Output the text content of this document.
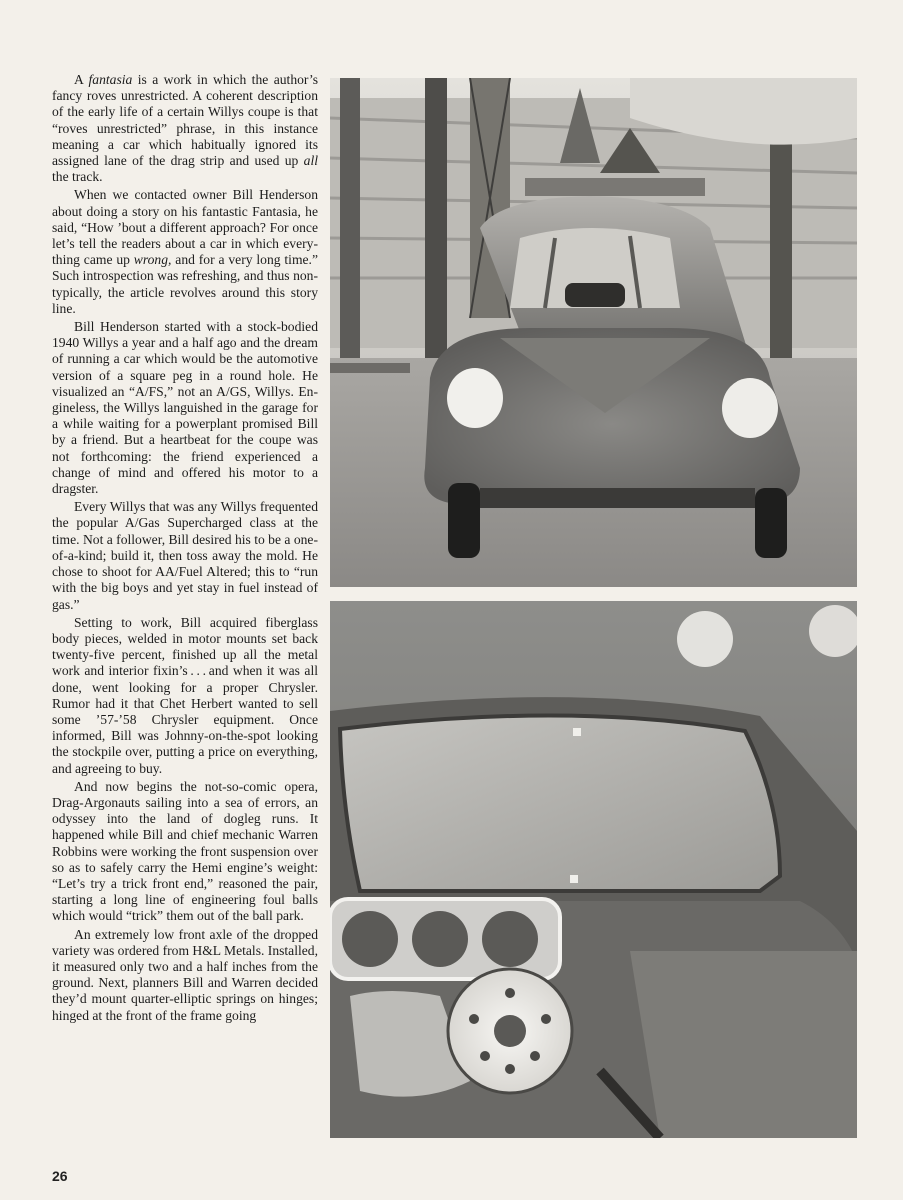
A fantasia is a work in which the author’s fancy roves unrestricted. A coherent description of the early life of a certain Willys coupe is that “roves unrestricted” phrase, in this instance meaning a car which habitually ignored its assigned lane of the drag strip and used up all the track.

When we contacted owner Bill Henderson about doing a story on his fantastic Fantasia, he said, “How ’bout a different approach? For once let’s tell the readers about a car in which everything came up wrong, and for a very long time.” Such introspection was refreshing, and thus non-typically, the article revolves around this story line.

Bill Henderson started with a stock-bodied 1940 Willys a year and a half ago and the dream of running a car which would be the automotive version of a square peg in a round hole. He visualized an “A/FS,” not an A/GS, Willys. Engineless, the Willys languished in the garage for a while waiting for a powerplant promised Bill by a friend. But a heartbeat for the coupe was not forthcoming: the friend experienced a change of mind and offered his motor to a dragster.

Every Willys that was any Willys frequented the popular A/Gas Supercharged class at the time. Not a follower, Bill desired his to be a one-of-a-kind; build it, then toss away the mold. He chose to shoot for AA/Fuel Altered; this to “run with the big boys and yet stay in fuel instead of gas.”

Setting to work, Bill acquired fiberglass body pieces, welded in motor mounts set back twenty-five percent, finished up all the metal work and interior fixin’s . . . and when it was all done, went looking for a proper Chrysler. Rumor had it that Chet Herbert wanted to sell some ’57-’58 Chrysler equipment. Once informed, Bill was Johnny-on-the-spot looking the stockpile over, putting a price on everything, and agreeing to buy.

And now begins the not-so-comic opera, Drag-Argonauts sailing into a sea of errors, an odyssey into the land of dogleg runs. It happened while Bill and chief mechanic Warren Robbins were working the front suspension over so as to safely carry the Hemi engine’s weight: “Let’s try a trick front end,” reasoned the pair, starting a long line of engineering foul balls which would “trick” them out of the ball park.

An extremely low front axle of the dropped variety was ordered from H&L Metals. Installed, it measured only two and a half inches from the ground. Next, planners Bill and Warren decided they’d mount quarter-elliptic springs on hinges; hinged at the front of the frame going

26
